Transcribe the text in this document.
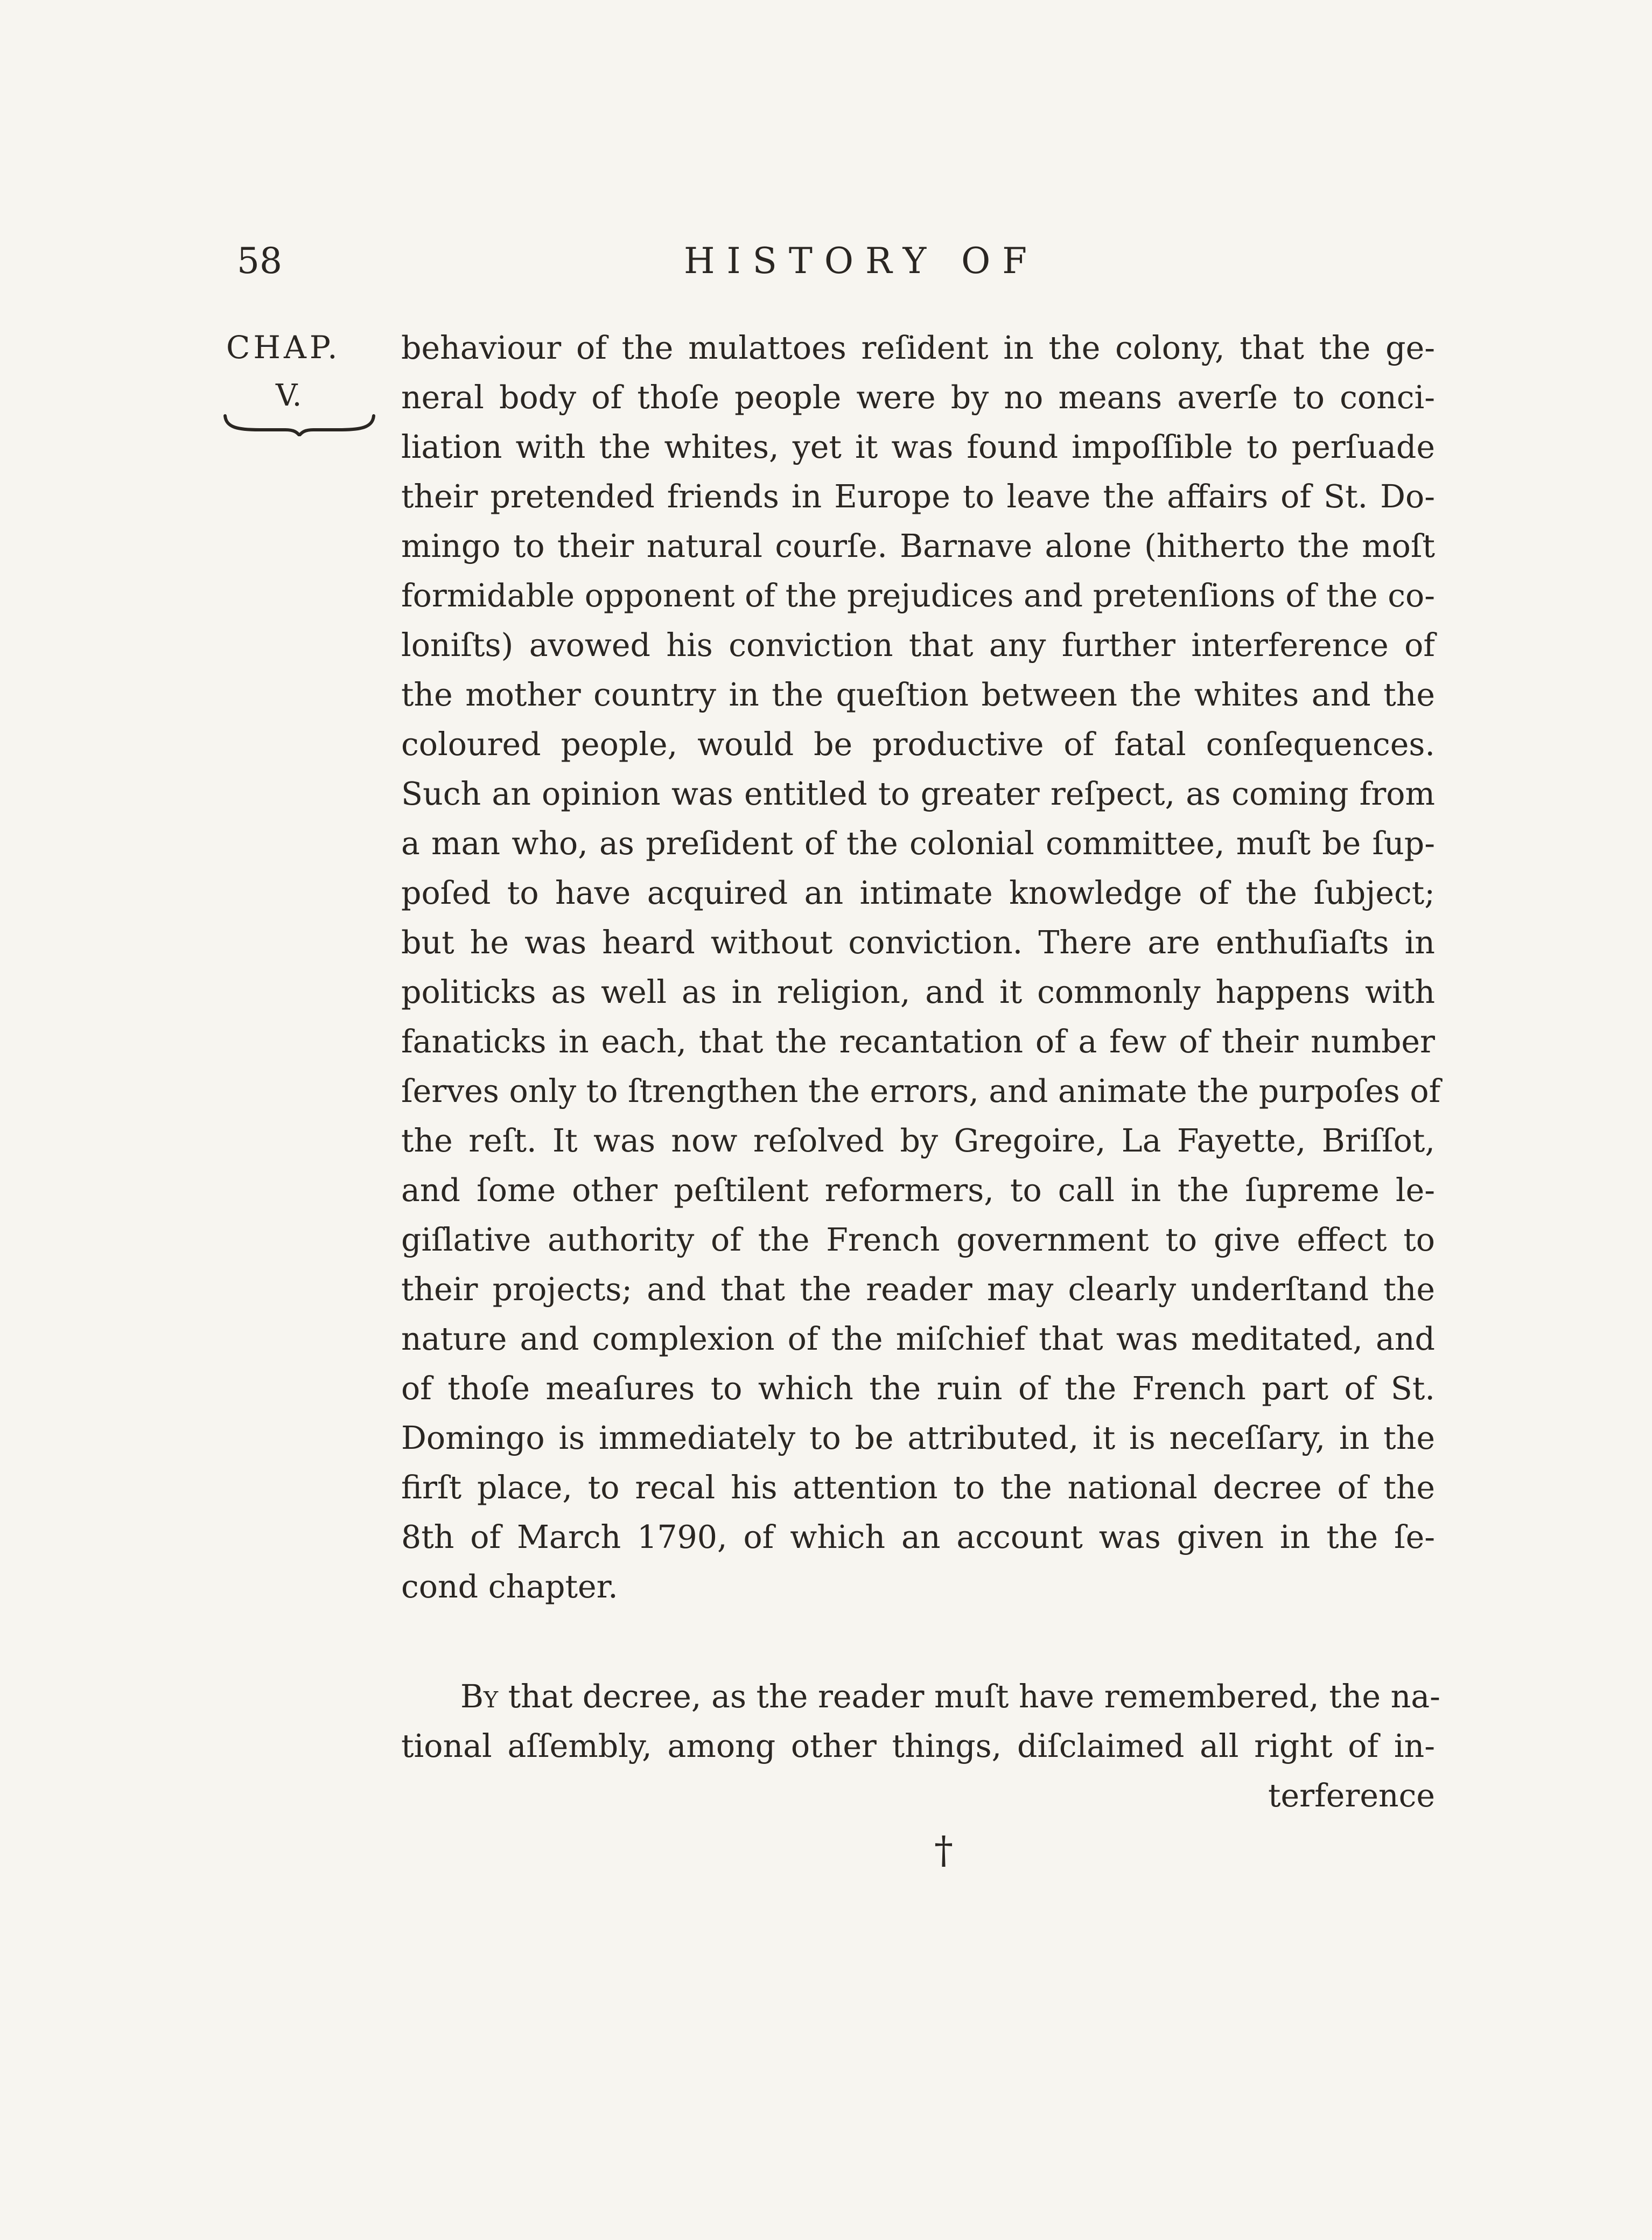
58	HISTORY OF
CHAP.
V.
behaviour of the mulattoes reſident in the colony, that the ge-
neral body of thoſe people were by no means averſe to conci-
liation with the whites, yet it was found impoſſible to perſuade
their pretended friends in Europe to leave the affairs of St. Do-
mingo to their natural courſe. Barnave alone (hitherto the moſt
formidable opponent of the prejudices and pretenſions of the co-
loniſts) avowed his conviction that any further interference of
the mother country in the queſtion between the whites and the
coloured people, would be productive of fatal conſequences.
Such an opinion was entitled to greater reſpect, as coming from
a man who, as preſident of the colonial committee, muſt be ſup-
poſed to have acquired an intimate knowledge of the ſubject;
but he was heard without conviction. There are enthuſiaſts in
politicks as well as in religion, and it commonly happens with
fanaticks in each, that the recantation of a few of their number
ſerves only to ſtrengthen the errors, and animate the purpoſes of
the reſt. It was now reſolved by Gregoire, La Fayette, Briſſot,
and ſome other peſtilent reformers, to call in the ſupreme le-
giſlative authority of the French government to give effect to
their projects; and that the reader may clearly underſtand the
nature and complexion of the miſchief that was meditated, and
of thoſe meaſures to which the ruin of the French part of St.
Domingo is immediately to be attributed, it is neceſſary, in the
firſt place, to recal his attention to the national decree of the
8th of March 1790, of which an account was given in the ſe-
cond chapter.
By that decree, as the reader muſt have remembered, the na-
tional aſſembly, among other things, diſclaimed all right of in-
terference
†
